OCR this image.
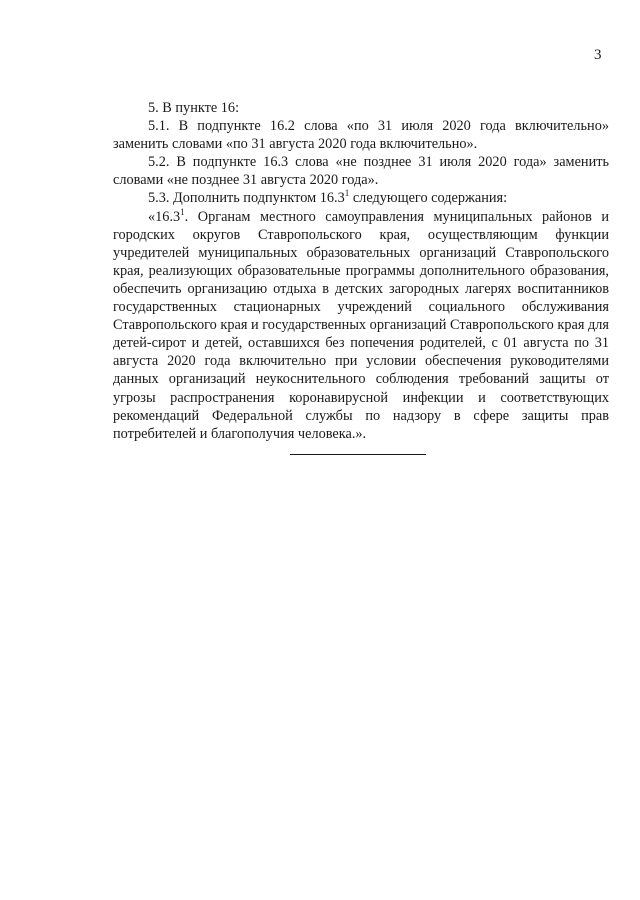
3

5. В пункте 16:

5.1. В подпункте 16.2 слова «по 31 июля 2020 года включительно» заменить словами «по 31 августа 2020 года включительно».

5.2. В подпункте 16.3 слова «не позднее 31 июля 2020 года» заменить словами «не позднее 31 августа 2020 года».

5.3. Дополнить подпунктом 16.3$^1$ следующего содержания:

«16.3$^1$. Органам местного самоуправления муниципальных районов и городских округов Ставропольского края, осуществляющим функции учредителей муниципальных образовательных организаций Ставропольского края, реализующих образовательные программы дополнительного образования, обеспечить организацию отдыха в детских загородных лагерях воспитанников государственных стационарных учреждений социального обслуживания Ставропольского края и государственных организаций Ставропольского края для детей-сирот и детей, оставшихся без попечения родителей, с 01 августа по 31 августа 2020 года включительно при условии обеспечения руководителями данных организаций неукоснительного соблюдения требований защиты от угрозы распространения коронавирусной инфекции и соответствующих рекомендаций Федеральной службы по надзору в сфере защиты прав потребителей и благополучия человека.».
